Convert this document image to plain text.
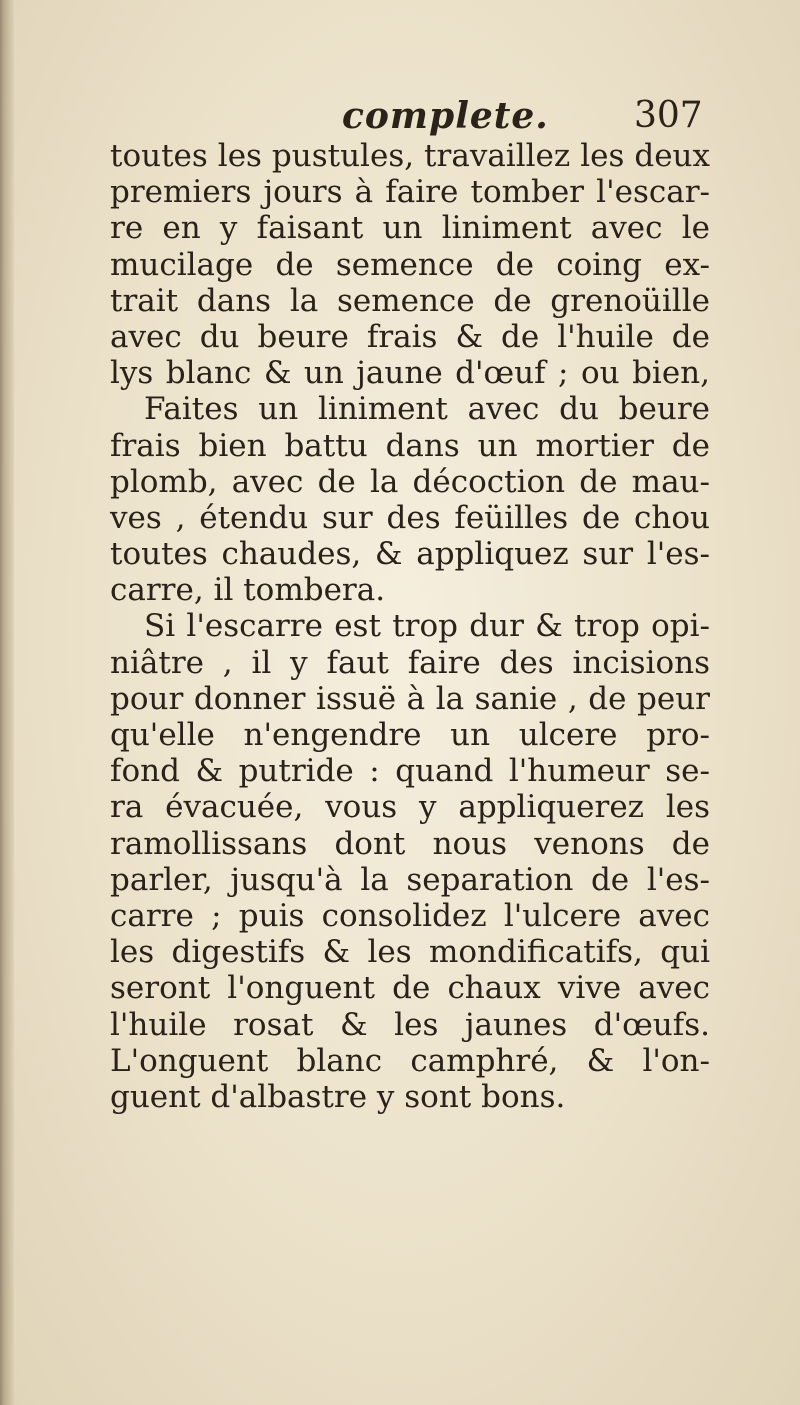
complete. 307
toutes les pustules, travaillez les deux
premiers jours à faire tomber l'escar-
re en y faisant un liniment avec le
mucilage de semence de coing ex-
trait dans la semence de grenoüille
avec du beure frais & de l'huile de
lys blanc & un jaune d'œuf ; ou bien,
Faites un liniment avec du beure
frais bien battu dans un mortier de
plomb, avec de la décoction de mau-
ves , étendu sur des feüilles de chou
toutes chaudes, & appliquez sur l'es-
carre, il tombera.
Si l'escarre est trop dur & trop opi-
niâtre , il y faut faire des incisions
pour donner issuë à la sanie , de peur
qu'elle n'engendre un ulcere pro-
fond & putride : quand l'humeur se-
ra évacuée, vous y appliquerez les
ramollissans dont nous venons de
parler, jusqu'à la separation de l'es-
carre ; puis consolidez l'ulcere avec
les digestifs & les mondificatifs, qui
seront l'onguent de chaux vive avec
l'huile rosat & les jaunes d'œufs.
L'onguent blanc camphré, & l'on-
guent d'albastre y sont bons.
